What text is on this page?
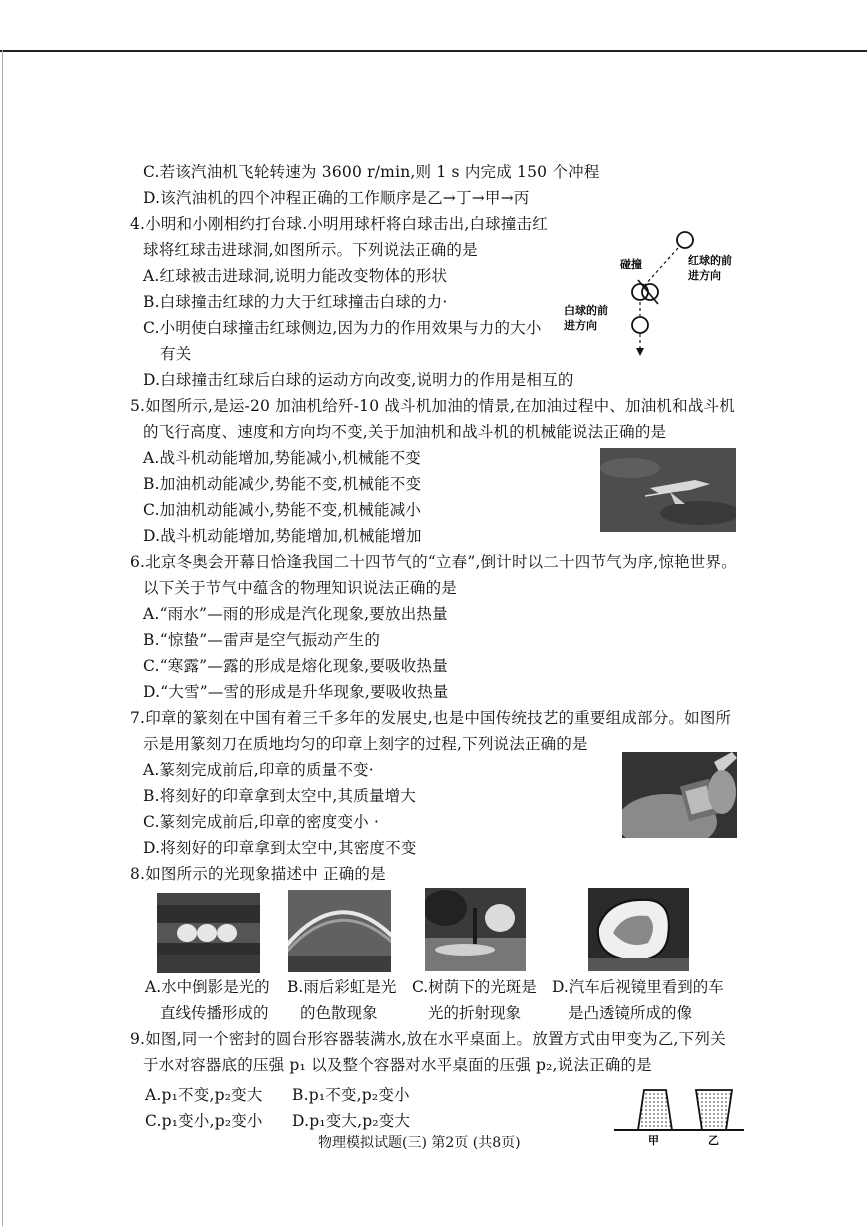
C.若该汽油机飞轮转速为 3600 r/min,则 1 s 内完成 150 个冲程
D.该汽油机的四个冲程正确的工作顺序是乙→丁→甲→丙
4.小明和小刚相约打台球.小明用球杆将白球击出,白球撞击红
球将红球击进球洞,如图所示。下列说法正确的是
A.红球被击进球洞,说明力能改变物体的形状
B.白球撞击红球的力大于红球撞击白球的力·
C.小明使白球撞击红球侧边,因为力的作用效果与力的大小
有关
D.白球撞击红球后白球的运动方向改变,说明力的作用是相互的
碰撞	红球的前
进方向
白球的前
进方向
5.如图所示,是运-20 加油机给歼-10 战斗机加油的情景,在加油过程中、加油机和战斗机
的飞行高度、速度和方向均不变,关于加油机和战斗机的机械能说法正确的是
A.战斗机动能增加,势能减小,机械能不变
B.加油机动能减少,势能不变,机械能不变
C.加油机动能减小,势能不变,机械能减小
D.战斗机动能增加,势能增加,机械能增加
6.北京冬奥会开幕日恰逢我国二十四节气的“立春”,倒计时以二十四节气为序,惊艳世界。
以下关于节气中蕴含的物理知识说法正确的是
A.“雨水”—雨的形成是汽化现象,要放出热量
B.“惊蛰”—雷声是空气振动产生的
C.“寒露”—露的形成是熔化现象,要吸收热量
D.“大雪”—雪的形成是升华现象,要吸收热量
7.印章的篆刻在中国有着三千多年的发展史,也是中国传统技艺的重要组成部分。如图所
示是用篆刻刀在质地均匀的印章上刻字的过程,下列说法正确的是
A.篆刻完成前后,印章的质量不变·
B.将刻好的印章拿到太空中,其质量增大
C.篆刻完成前后,印章的密度变小 ·
D.将刻好的印章拿到太空中,其密度不变
8.如图所示的光现象描述中 正确的是
A.水中倒影是光的
直线传播形成的
B.雨后彩虹是光
的色散现象
C.树荫下的光斑是
光的折射现象
D.汽车后视镜里看到的车
是凸透镜所成的像
9.如图,同一个密封的圆台形容器装满水,放在水平桌面上。放置方式由甲变为乙,下列关
于水对容器底的压强 p₁ 以及整个容器对水平桌面的压强 p₂,说法正确的是
A.p₁不变,p₂变大 B.p₁不变,p₂变小
C.p₁变小,p₂变小 D.p₁变大,p₂变大
甲	乙
物理模拟试题(三) 第2页 (共8页)
